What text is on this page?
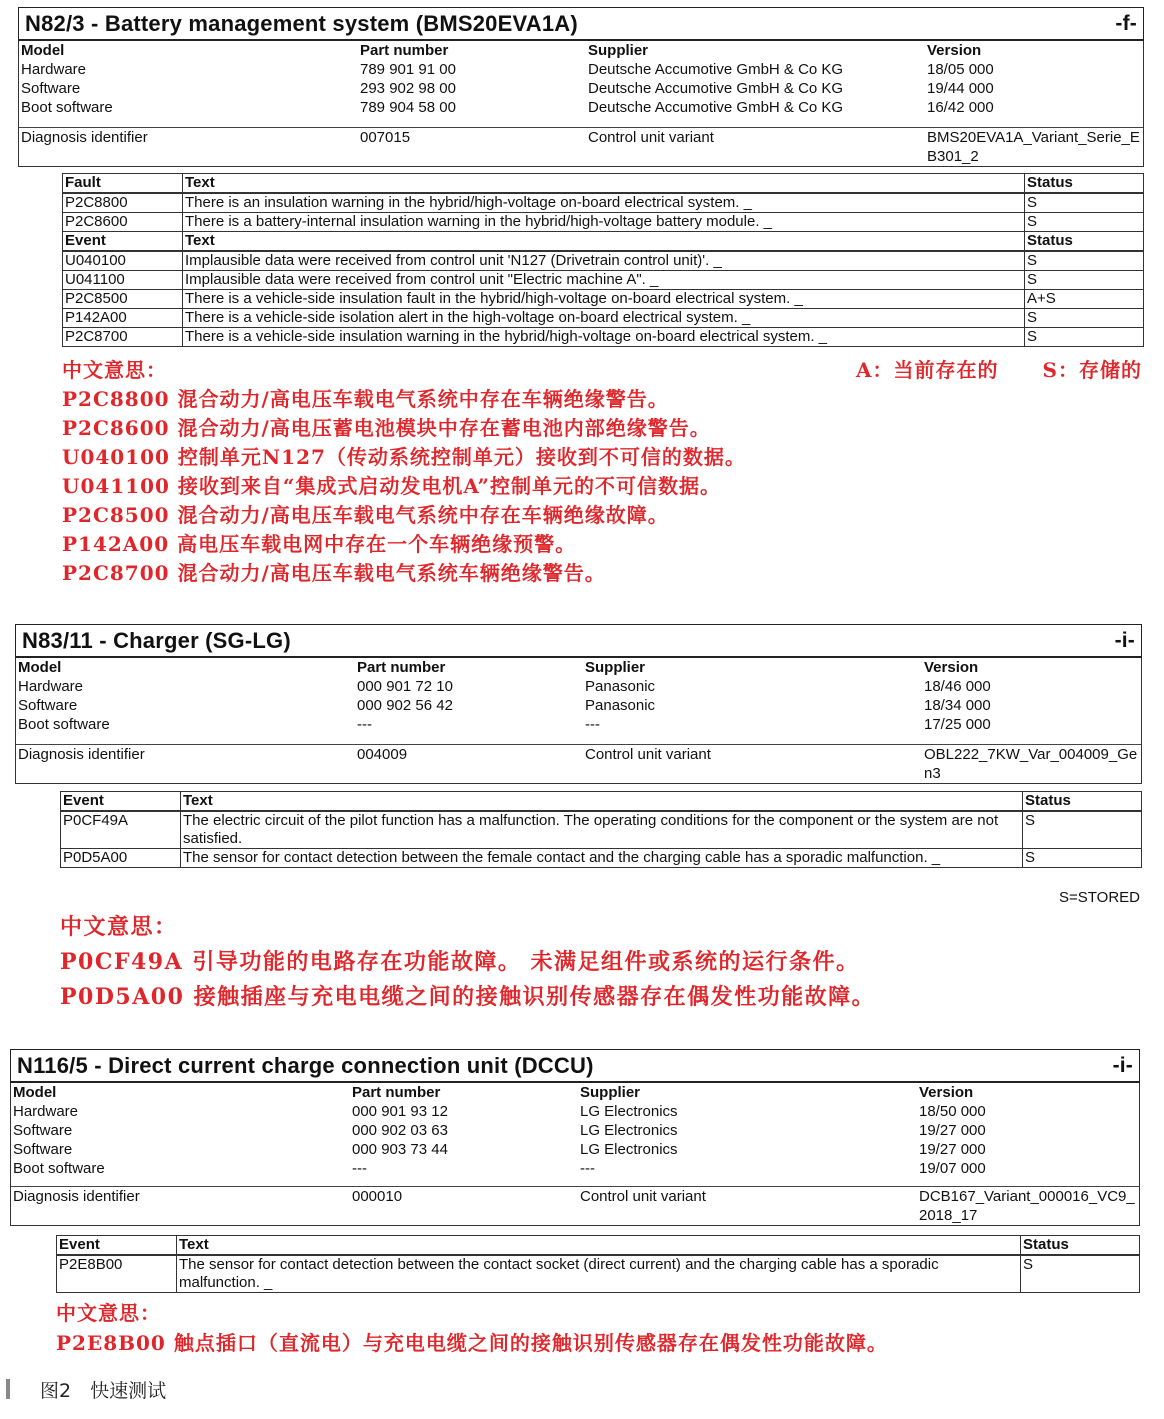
N82/3 - Battery management system (BMS20EVA1A)	-f-
Model	Part number	Supplier	Version
Hardware	789 901 91 00	Deutsche Accumotive GmbH & Co KG	18/05 000
Software	293 902 98 00	Deutsche Accumotive GmbH & Co KG	19/44 000
Boot software	789 904 58 00	Deutsche Accumotive GmbH & Co KG	16/42 000

Diagnosis identifier	007015	Control unit variant	BMS20EVA1A_Variant_Serie_EB301_2
Fault	Text	Status
P2C8800	There is an insulation warning in the hybrid/high-voltage on-board electrical system. _	S
P2C8600	There is a battery-internal insulation warning in the hybrid/high-voltage battery module. _	S
Event	Text	Status
U040100	Implausible data were received from control unit 'N127 (Drivetrain control unit)'. _	S
U041100	Implausible data were received from control unit "Electric machine A". _	S
P2C8500	There is a vehicle-side insulation fault in the hybrid/high-voltage on-board electrical system. _	A+S
P142A00	There is a vehicle-side isolation alert in the high-voltage on-board electrical system. _	S
P2C8700	There is a vehicle-side insulation warning in the hybrid/high-voltage on-board electrical system. _	S
中文意思：	A：当前存在的 S：存储的
P2C8800 混合动力/高电压车载电气系统中存在车辆绝缘警告。
P2C8600 混合动力/高电压蓄电池模块中存在蓄电池内部绝缘警告。
U040100 控制单元N127（传动系统控制单元）接收到不可信的数据。
U041100 接收到来自“集成式启动发电机A”控制单元的不可信数据。
P2C8500 混合动力/高电压车载电气系统中存在车辆绝缘故障。
P142A00 高电压车载电网中存在一个车辆绝缘预警。
P2C8700 混合动力/高电压车载电气系统车辆绝缘警告。
N83/11 - Charger (SG-LG)	-i-
Model	Part number	Supplier	Version
Hardware	000 901 72 10	Panasonic	18/46 000
Software	000 902 56 42	Panasonic	18/34 000
Boot software	---	---	17/25 000

Diagnosis identifier	004009	Control unit variant	OBL222_7KW_Var_004009_Gen3
Event	Text	Status
P0CF49A	The electric circuit of the pilot function has a malfunction. The operating conditions for the component or the system are not satisfied.	S
P0D5A00	The sensor for contact detection between the female contact and the charging cable has a sporadic malfunction. _	S
S=STORED
中文意思：
P0CF49A 引导功能的电路存在功能故障。 未满足组件或系统的运行条件。
P0D5A00 接触插座与充电电缆之间的接触识别传感器存在偶发性功能故障。
N116/5 - Direct current charge connection unit (DCCU)	-i-
Model	Part number	Supplier	Version
Hardware	000 901 93 12	LG Electronics	18/50 000
Software	000 902 03 63	LG Electronics	19/27 000
Software	000 903 73 44	LG Electronics	19/27 000
Boot software	---	---	19/07 000

Diagnosis identifier	000010	Control unit variant	DCB167_Variant_000016_VC9_2018_17
Event	Text	Status
P2E8B00	The sensor for contact detection between the contact socket (direct current) and the charging cable has a sporadic malfunction. _	S
中文意思：
P2E8B00 触点插口（直流电）与充电电缆之间的接触识别传感器存在偶发性功能故障。
图2　快速测试
